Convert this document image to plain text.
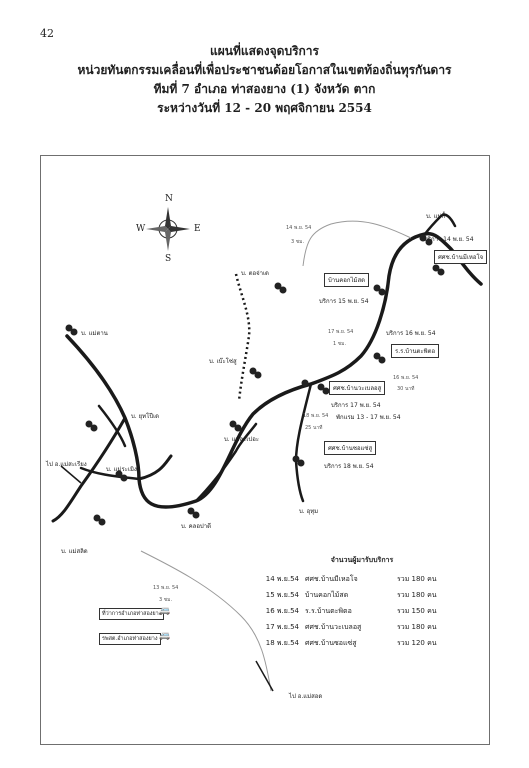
42
แผนที่แสดงจุดบริการ
หน่วยทันตกรรมเคลื่อนที่เพื่อประชาชนด้อยโอกาสในเขตท้องถิ่นทุรกันดาร
ทีมที่ 7 อำเภอ ท่าสองยาง (1) จังหวัด ตาก
ระหว่างวันที่ 12 - 20 พฤศจิกายน 2554
N
E
S
W
บ. แม่กื้
บ. ตอจ่าเด
บ. แม่ตาน
บ. เบ๊ะโซ่สู
บ. ยุทโปีเด
บ. แม่ละเปอะ
ไป อ.แม่สะเรียง
บ. แม่ระเมิง
บ. คลอปาดี
บ. อุทุม
บ. แม่สลิด
ไป อ.แม่สอด
ศศช.บ้านมีเหอโจ
บริการ 14 พ.ย. 54
บ้านคอกไม้สด
บริการ 15 พ.ย. 54
ร.ร.บ้านตะพิตอ
บริการ 16 พ.ย. 54
ศศช.บ้านวะเบลอสู
บริการ 17 พ.ย. 54
พักแรม 13 - 17 พ.ย. 54
ศศช.บ้านซอแซ่สู
บริการ 18 พ.ย. 54
14 พ.ย. 54
3 ชม.
17 พ.ย. 54
1 ชม.
16 พ.ย. 54
30 นาที
18 พ.ย. 54
25 นาที
13 พ.ย. 54
3 ชม.
ที่ว่าการอำเภอท่าสองยาง
🚐
รพสต.อำเภอท่าสองยาง 🚐
จำนวนผู้มารับบริการ
14 พ.ย.54 ศศช.บ้านมีเหอโจ	รวม 180 คน
15 พ.ย.54 บ้านคอกไม้สด	รวม 180 คน
16 พ.ย.54 ร.ร.บ้านตะพิตอ	รวม 150 คน
17 พ.ย.54 ศศช.บ้านวะเบลอสู	รวม 180 คน
18 พ.ย.54 ศศช.บ้านซอแซ่สู	รวม 120 คน
